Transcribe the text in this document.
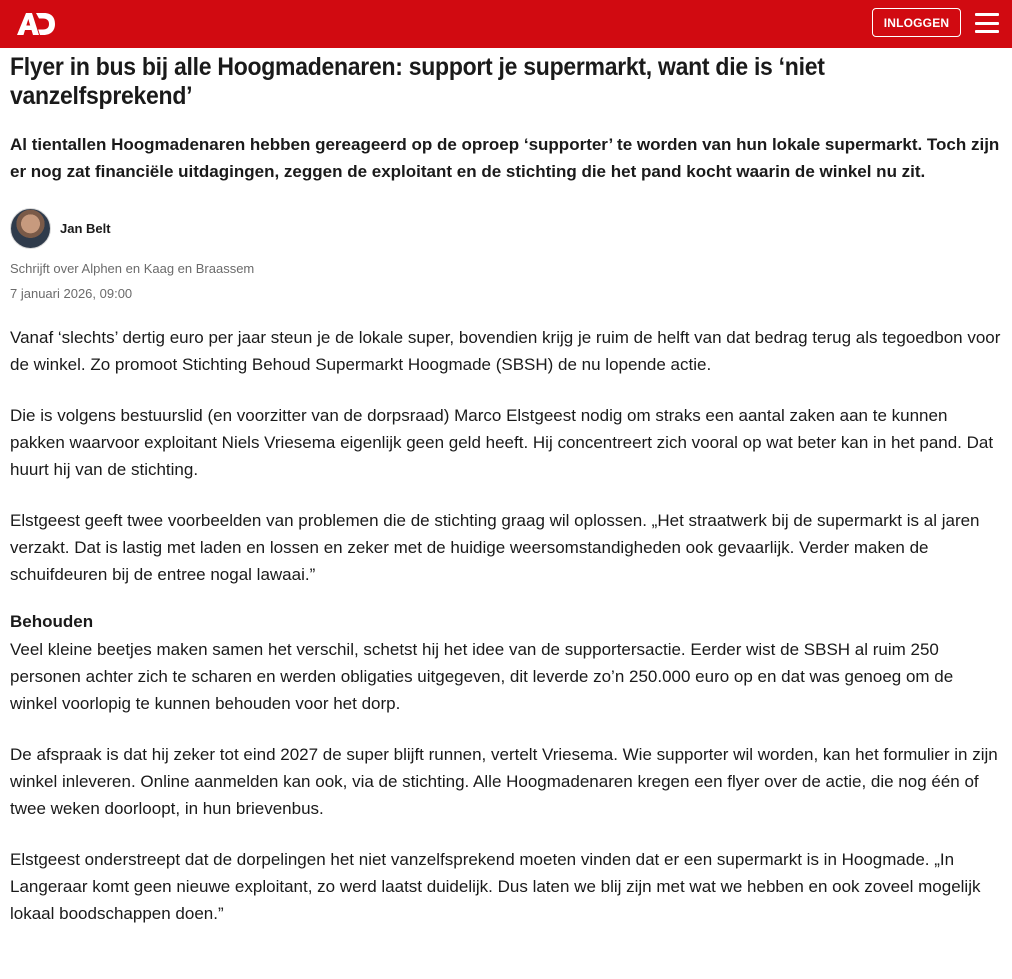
INLOGGEN
Flyer in bus bij alle Hoogmadenaren: support je supermarkt, want die is ‘niet vanzelfsprekend’

Al tientallen Hoogmadenaren hebben gereageerd op de oproep ‘supporter’ te worden van hun lokale supermarkt. Toch zijn er nog zat financiële uitdagingen, zeggen de exploitant en de stichting die het pand kocht waarin de winkel nu zit.

Jan Belt
Schrijft over Alphen en Kaag en Braassem
7 januari 2026, 09:00

Vanaf ‘slechts’ dertig euro per jaar steun je de lokale super, bovendien krijg je ruim de helft van dat bedrag terug als tegoedbon voor de winkel. Zo promoot Stichting Behoud Supermarkt Hoogmade (SBSH) de nu lopende actie.

Die is volgens bestuurslid (en voorzitter van de dorpsraad) Marco Elstgeest nodig om straks een aantal zaken aan te kunnen pakken waarvoor exploitant Niels Vriesema eigenlijk geen geld heeft. Hij concentreert zich vooral op wat beter kan in het pand. Dat huurt hij van de stichting.

Elstgeest geeft twee voorbeelden van problemen die de stichting graag wil oplossen. „Het straatwerk bij de supermarkt is al jaren verzakt. Dat is lastig met laden en lossen en zeker met de huidige weersomstandigheden ook gevaarlijk. Verder maken de schuifdeuren bij de entree nogal lawaai.”

Behouden

Veel kleine beetjes maken samen het verschil, schetst hij het idee van de supportersactie. Eerder wist de SBSH al ruim 250 personen achter zich te scharen en werden obligaties uitgegeven, dit leverde zo’n 250.000 euro op en dat was genoeg om de winkel voorlopig te kunnen behouden voor het dorp.

De afspraak is dat hij zeker tot eind 2027 de super blijft runnen, vertelt Vriesema. Wie supporter wil worden, kan het formulier in zijn winkel inleveren. Online aanmelden kan ook, via de stichting. Alle Hoogmadenaren kregen een flyer over de actie, die nog één of twee weken doorloopt, in hun brievenbus.

Elstgeest onderstreept dat de dorpelingen het niet vanzelfsprekend moeten vinden dat er een supermarkt is in Hoogmade. „In Langeraar komt geen nieuwe exploitant, zo werd laatst duidelijk. Dus laten we blij zijn met wat we hebben en ook zoveel mogelijk lokaal boodschappen doen.”
